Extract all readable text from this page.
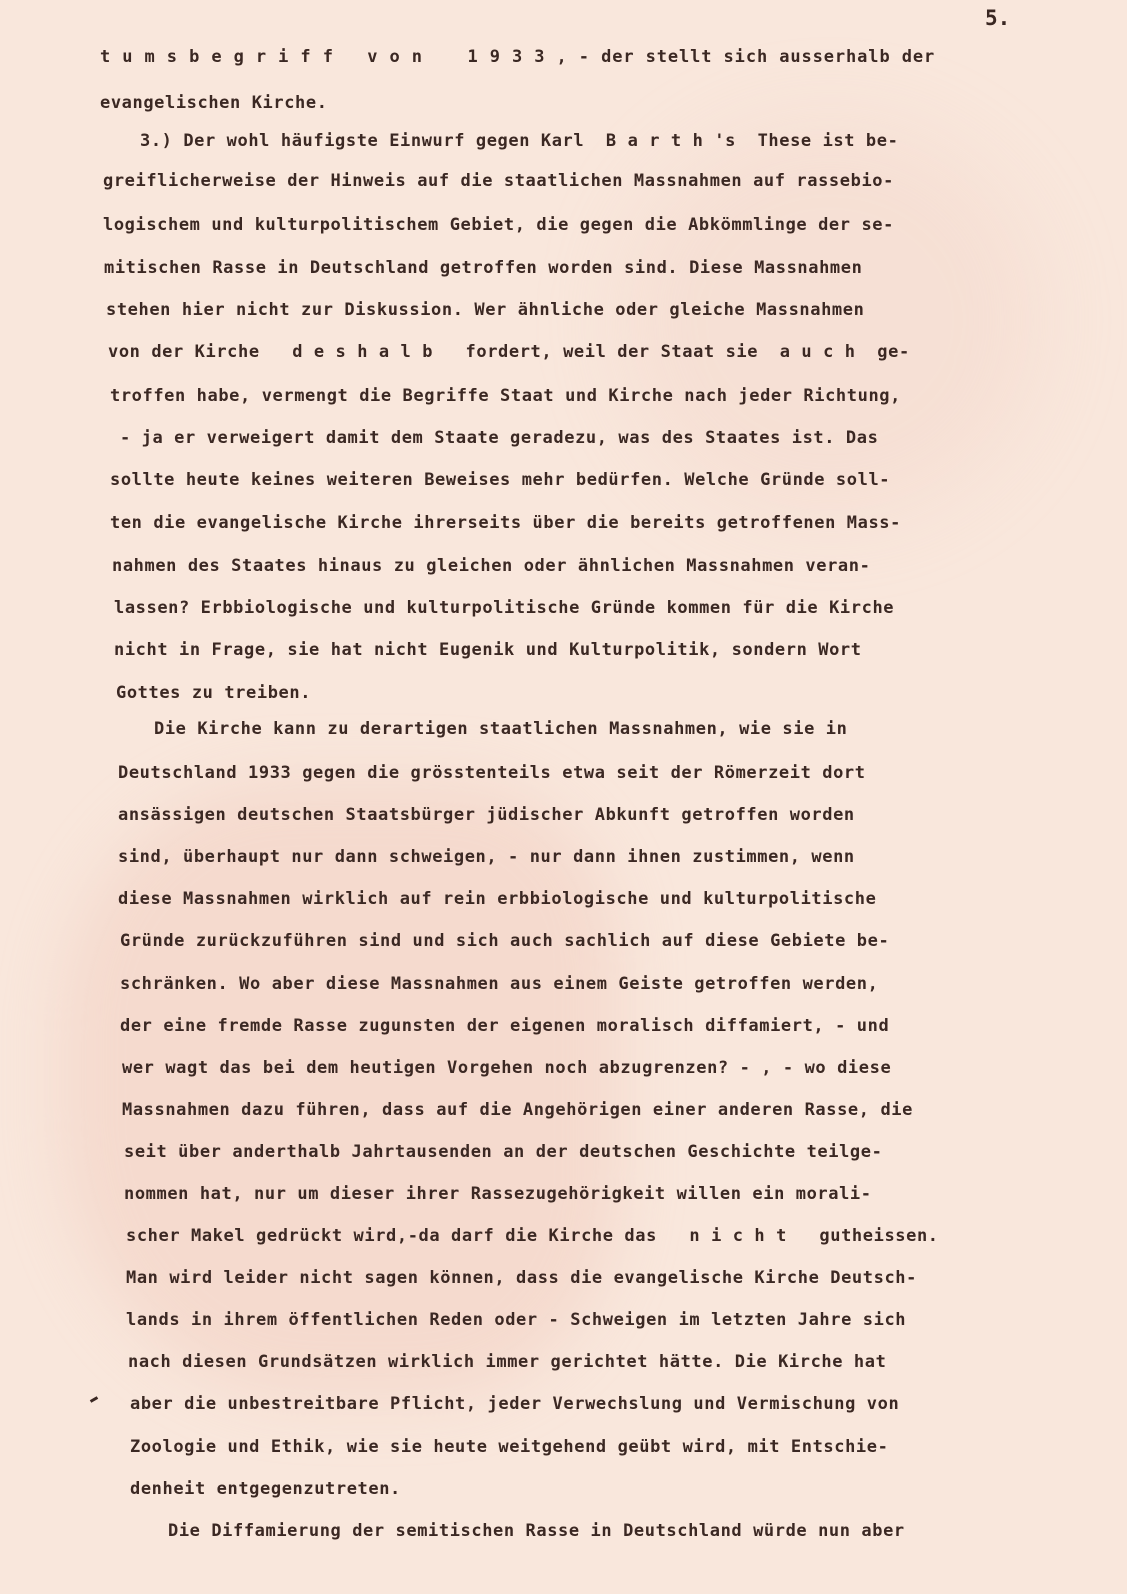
5.

t u m s b e g r i f f   v o n    1 9 3 3 , - der stellt sich ausserhalb der

evangelischen Kirche.

3.) Der wohl häufigste Einwurf gegen Karl  B a r t h 's  These ist be-

greiflicherweise der Hinweis auf die staatlichen Massnahmen auf rassebio-

logischem und kulturpolitischem Gebiet, die gegen die Abkömmlinge der se-

mitischen Rasse in Deutschland getroffen worden sind. Diese Massnahmen

stehen hier nicht zur Diskussion. Wer ähnliche oder gleiche Massnahmen

von der Kirche   d e s h a l b   fordert, weil der Staat sie  a u c h  ge-

troffen habe, vermengt die Begriffe Staat und Kirche nach jeder Richtung,

- ja er verweigert damit dem Staate geradezu, was des Staates ist. Das

sollte heute keines weiteren Beweises mehr bedürfen. Welche Gründe soll-

ten die evangelische Kirche ihrerseits über die bereits getroffenen Mass-

nahmen des Staates hinaus zu gleichen oder ähnlichen Massnahmen veran-

lassen? Erbbiologische und kulturpolitische Gründe kommen für die Kirche

nicht in Frage, sie hat nicht Eugenik und Kulturpolitik, sondern Wort

Gottes zu treiben.

Die Kirche kann zu derartigen staatlichen Massnahmen, wie sie in

Deutschland 1933 gegen die grösstenteils etwa seit der Römerzeit dort

ansässigen deutschen Staatsbürger jüdischer Abkunft getroffen worden

sind, überhaupt nur dann schweigen, - nur dann ihnen zustimmen, wenn

diese Massnahmen wirklich auf rein erbbiologische und kulturpolitische

Gründe zurückzuführen sind und sich auch sachlich auf diese Gebiete be-

schränken. Wo aber diese Massnahmen aus einem Geiste getroffen werden,

der eine fremde Rasse zugunsten der eigenen moralisch diffamiert, - und

wer wagt das bei dem heutigen Vorgehen noch abzugrenzen? - , - wo diese

Massnahmen dazu führen, dass auf die Angehörigen einer anderen Rasse, die

seit über anderthalb Jahrtausenden an der deutschen Geschichte teilge-

nommen hat, nur um dieser ihrer Rassezugehörigkeit willen ein morali-

scher Makel gedrückt wird,-da darf die Kirche das   n i c h t   gutheissen.

Man wird leider nicht sagen können, dass die evangelische Kirche Deutsch-

lands in ihrem öffentlichen Reden oder - Schweigen im letzten Jahre sich

nach diesen Grundsätzen wirklich immer gerichtet hätte. Die Kirche hat

aber die unbestreitbare Pflicht, jeder Verwechslung und Vermischung von

Zoologie und Ethik, wie sie heute weitgehend geübt wird, mit Entschie-

denheit entgegenzutreten.

Die Diffamierung der semitischen Rasse in Deutschland würde nun aber
